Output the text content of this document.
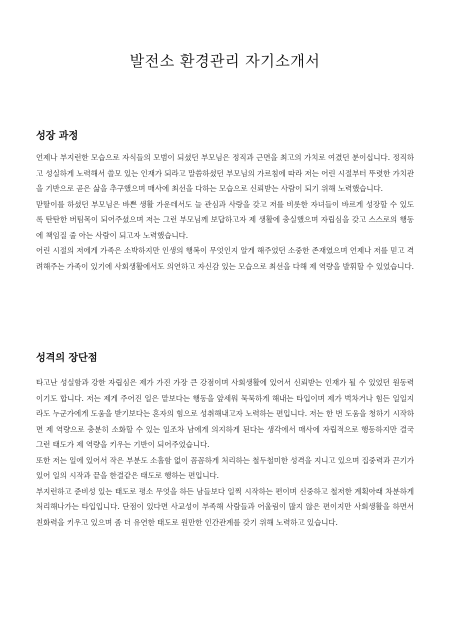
발전소 환경관리 자기소개서
성장 과정

언제나 부지런한 모습으로 자식들의 모범이 되셨던 부모님은 정직과 근면을 최고의 가치로 여겼던 분이십니다. 정직하고 성실하게 노력해서 쓸모 있는 인재가 되라고 말씀하셨던 부모님의 가르침에 따라 저는 어린 시절부터 뚜렷한 가치관을 기반으로 곧은 삶을 추구했으며 매사에 최선을 다하는 모습으로 신뢰받는 사람이 되기 위해 노력했습니다.

맏딸이를 하셨던 부모님은 바쁜 생활 가운데서도 늘 관심과 사랑을 갖고 저를 비롯한 자녀들이 바르게 성장할 수 있도록 탄탄한 버팀목이 되어주셨으며 저는 그런 부모님께 보답하고자 제 생활에 충실했으며 자립심을 갖고 스스로의 행동에 책임질 줄 아는 사람이 되고자 노력했습니다.

어린 시절의 저에게 가족은 소박하지만 인생의 행복이 무엇인지 알게 해주었던 소중한 존재였으며 언제나 저를 믿고 격려해주는 가족이 있기에 사회생활에서도 의연하고 자신감 있는 모습으로 최선을 다해 제 역량을 발휘할 수 있었습니다.

성격의 장단점

타고난 성실함과 강한 자립심은 제가 가진 가장 큰 강점이며 사회생활에 있어서 신뢰받는 인재가 될 수 있었던 원동력이기도 합니다. 저는 제게 주어진 일은 맡보다는 행동을 앞세워 묵묵하게 해내는 타입이며 제가 벅차거나 힘든 일일지라도 누군가에게 도움을 받기보다는 혼자의 힘으로 성취해내고자 노력하는 편입니다. 저는 한 번 도움을 청하기 시작하면 제 역량으로 충분히 소화할 수 있는 일조차 남에게 의지하게 된다는 생각에서 매사에 자립적으로 행동하지만 결국 그런 태도가 제 역량을 키우는 기반이 되어주었습니다.

또한 저는 일에 있어서 작은 부분도 소홀함 없이 꼼꼼하게 처리하는 철두철미한 성격을 지니고 있으며 집중력과 끈기가 있어 일의 시작과 끝을 한결같은 태도로 행하는 편입니다.

부지런하고 준비성 있는 태도로 평소 무엇을 하든 남들보다 일찍 시작하는 편이며 신중하고 철저한 계획아래 차분하게 처리해나가는 타입입니다. 단점이 있다면 사교성이 부족해 사람들과 어울림이 많지 않은 편이지만 사회생활을 하면서 친화력을 키우고 있으며 좀 더 유연한 태도로 원만한 인간관계를 갖기 위해 노력하고 있습니다.
